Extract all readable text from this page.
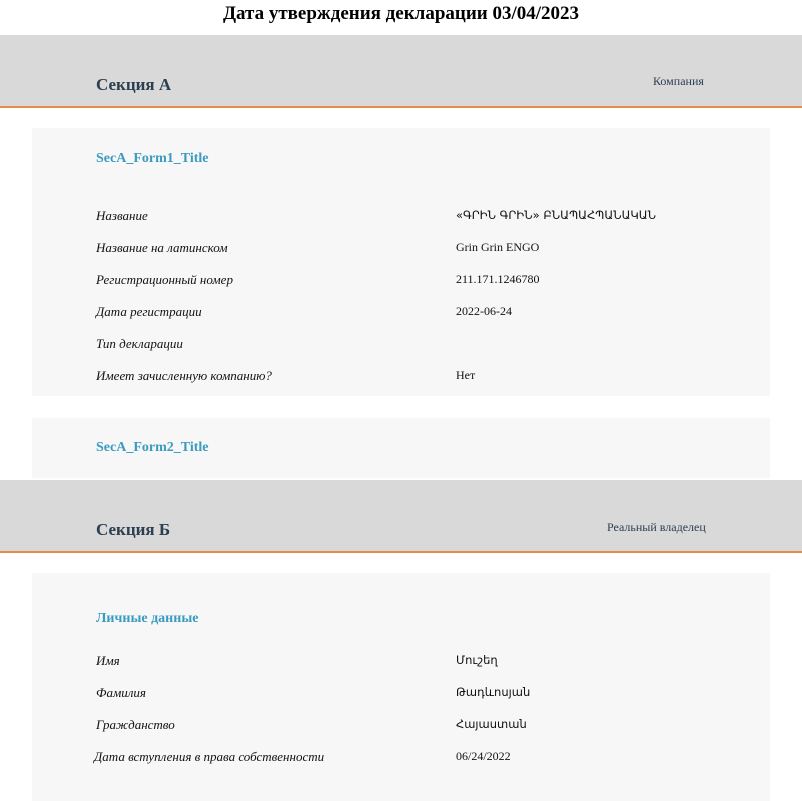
Дата утверждения декларации 03/04/2023
Секция А	Компания
SecA_Form1_Title
Название	«ԳՐԻՆ ԳՐԻՆ» ԲՆԱՊԱՀՊԱՆԱԿԱՆ
Название на латинском	Grin Grin ENGO
Регистрационный номер	211.171.1246780
Дата регистрации	2022-06-24
Тип декларации
Имеет зачисленную компанию?	Нет
SecA_Form2_Title
Секция Б	Реальный владелец
Личные данные
Имя	Մուշեղ
Фамилия	Թադևոսյան
Гражданство	Հայաստան
Дата вступления в права собственности	06/24/2022
